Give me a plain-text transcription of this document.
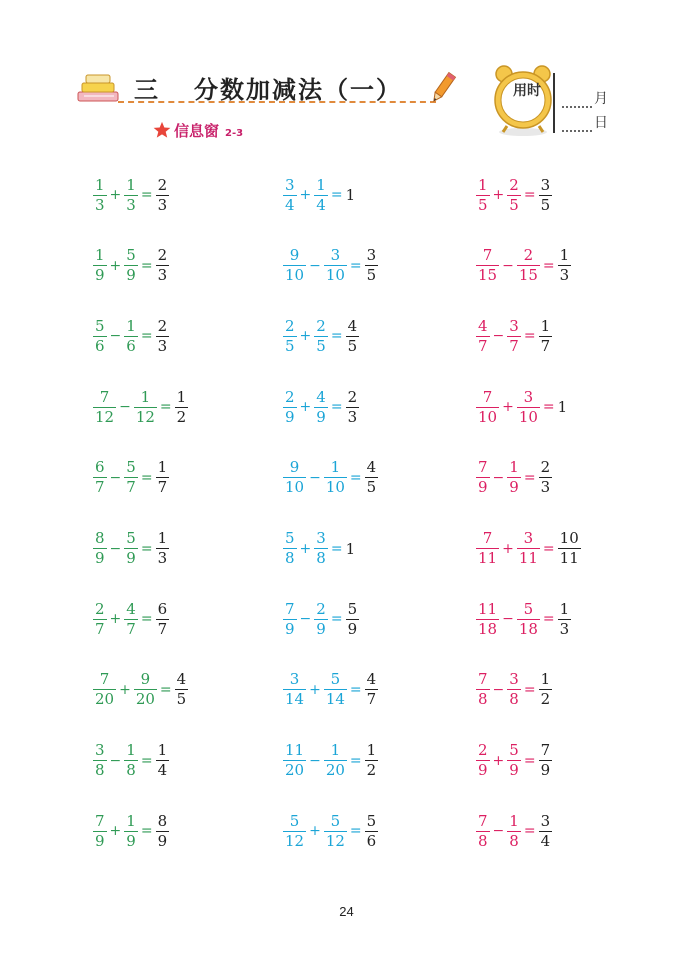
三 分数加减法（一）	用时	月
日
信息窗 2-3
$\frac{1}{3} + \frac{1}{3} = \frac{2}{3}$	$\frac{3}{4} + \frac{1}{4} = 1$	$\frac{1}{5} + \frac{2}{5} = \frac{3}{5}$
$\frac{1}{9} + \frac{5}{9} = \frac{2}{3}$	$\frac{9}{10} - \frac{3}{10} = \frac{3}{5}$	$\frac{7}{15} - \frac{2}{15} = \frac{1}{3}$
$\frac{5}{6} - \frac{1}{6} = \frac{2}{3}$	$\frac{2}{5} + \frac{2}{5} = \frac{4}{5}$	$\frac{4}{7} - \frac{3}{7} = \frac{1}{7}$
$\frac{7}{12} - \frac{1}{12} = \frac{1}{2}$	$\frac{2}{9} + \frac{4}{9} = \frac{2}{3}$	$\frac{7}{10} + \frac{3}{10} = 1$
$\frac{6}{7} - \frac{5}{7} = \frac{1}{7}$	$\frac{9}{10} - \frac{1}{10} = \frac{4}{5}$	$\frac{7}{9} - \frac{1}{9} = \frac{2}{3}$
$\frac{8}{9} - \frac{5}{9} = \frac{1}{3}$	$\frac{5}{8} + \frac{3}{8} = 1$	$\frac{7}{11} + \frac{3}{11} = \frac{10}{11}$
$\frac{2}{7} + \frac{4}{7} = \frac{6}{7}$	$\frac{7}{9} - \frac{2}{9} = \frac{5}{9}$	$\frac{11}{18} - \frac{5}{18} = \frac{1}{3}$
$\frac{7}{20} + \frac{9}{20} = \frac{4}{5}$	$\frac{3}{14} + \frac{5}{14} = \frac{4}{7}$	$\frac{7}{8} - \frac{3}{8} = \frac{1}{2}$
$\frac{3}{8} - \frac{1}{8} = \frac{1}{4}$	$\frac{11}{20} - \frac{1}{20} = \frac{1}{2}$	$\frac{2}{9} + \frac{5}{9} = \frac{7}{9}$
$\frac{7}{9} + \frac{1}{9} = \frac{8}{9}$	$\frac{5}{12} + \frac{5}{12} = \frac{5}{6}$	$\frac{7}{8} - \frac{1}{8} = \frac{3}{4}$
24
